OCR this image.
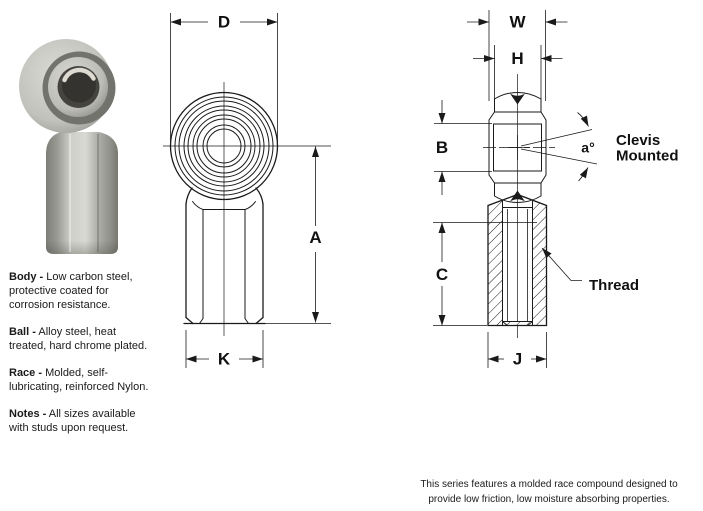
D
A
K
W
H
B	a° Clevis
Mounted
C
Thread
J

Body - Low carbon steel, protective coated for corrosion resistance.

Ball - Alloy steel, heat treated, hard chrome plated.

Race - Molded, self-lubricating, reinforced Nylon.

Notes - All sizes available with studs upon request.

This series features a molded race compound designed to
provide low friction, low moisture absorbing properties.
